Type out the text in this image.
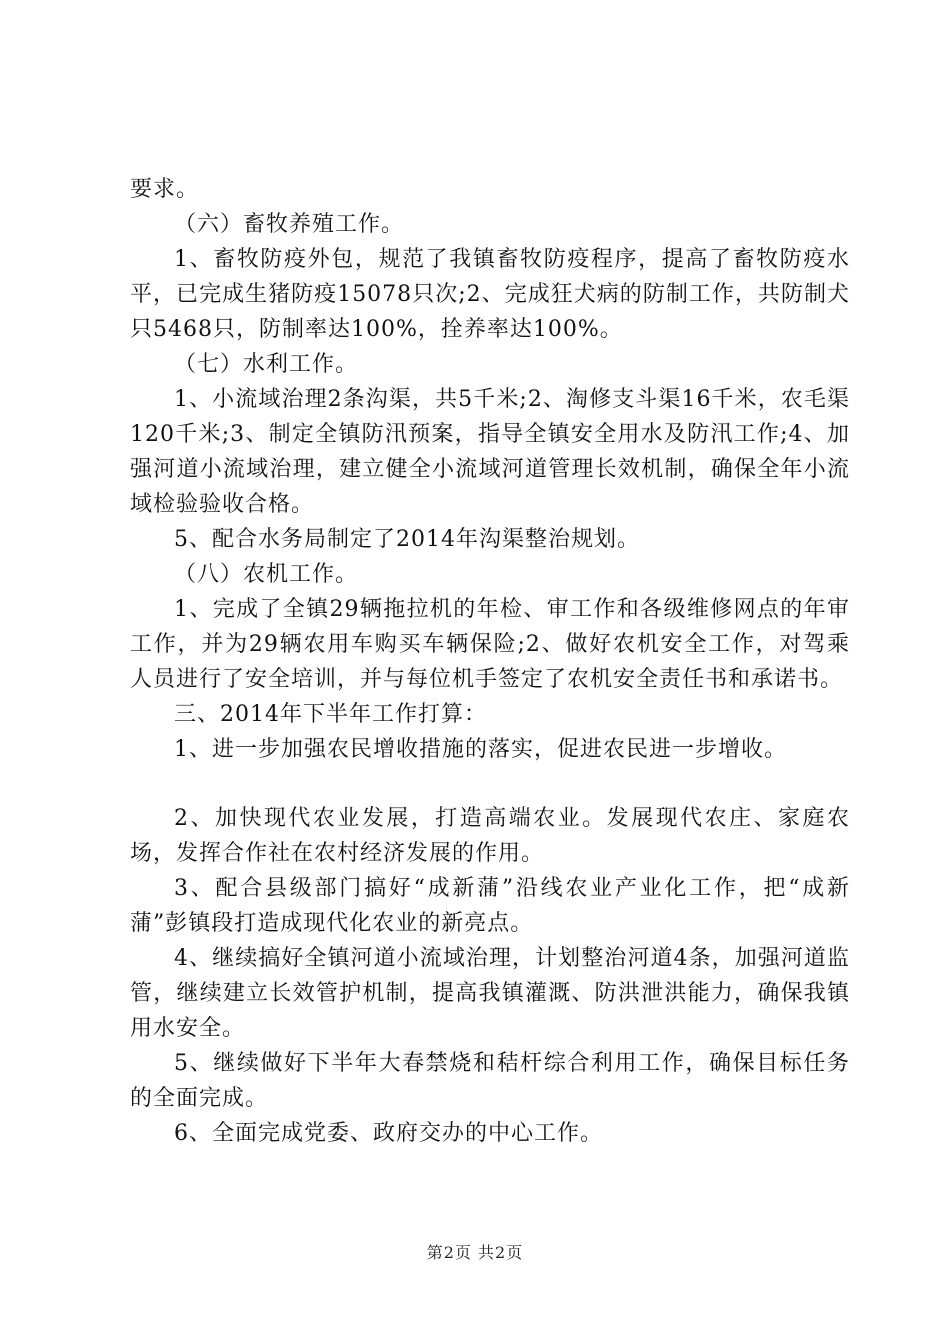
要求。

（六）畜牧养殖工作。

1、畜牧防疫外包，规范了我镇畜牧防疫程序，提高了畜牧防疫水平，已完成生猪防疫15078只次;2、完成狂犬病的防制工作，共防制犬只5468只，防制率达100%，拴养率达100%。

（七）水利工作。

1、小流域治理2条沟渠，共5千米;2、淘修支斗渠16千米，农毛渠120千米;3、制定全镇防汛预案，指导全镇安全用水及防汛工作;4、加强河道小流域治理，建立健全小流域河道管理长效机制，确保全年小流域检验验收合格。

5、配合水务局制定了2014年沟渠整治规划。

（八）农机工作。

1、完成了全镇29辆拖拉机的年检、审工作和各级维修网点的年审工作，并为29辆农用车购买车辆保险;2、做好农机安全工作，对驾乘人员进行了安全培训，并与每位机手签定了农机安全责任书和承诺书。

三、2014年下半年工作打算：

1、进一步加强农民增收措施的落实，促进农民进一步增收。

2、加快现代农业发展，打造高端农业。发展现代农庄、家庭农场，发挥合作社在农村经济发展的作用。

3、配合县级部门搞好“成新蒲”沿线农业产业化工作，把“成新蒲”彭镇段打造成现代化农业的新亮点。

4、继续搞好全镇河道小流域治理，计划整治河道4条，加强河道监管，继续建立长效管护机制，提高我镇灌溉、防洪泄洪能力，确保我镇用水安全。

5、继续做好下半年大春禁烧和秸杆综合利用工作，确保目标任务的全面完成。

6、全面完成党委、政府交办的中心工作。

第2页 共2页
